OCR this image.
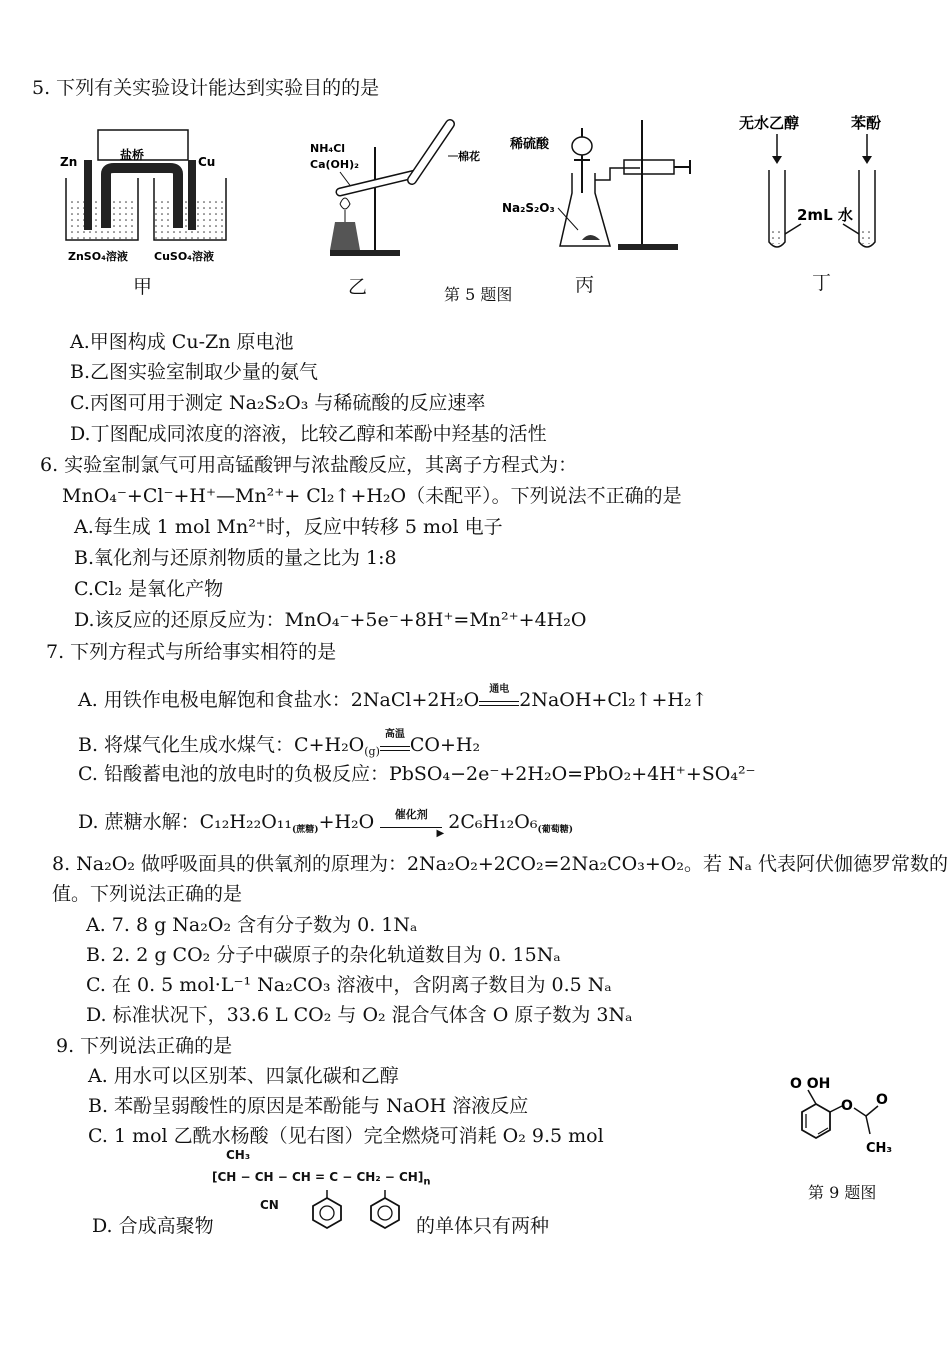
5. 下列有关实验设计能达到实验目的的是
盐桥
Zn	Cu
ZnSO₄溶液 CuSO₄溶液
甲
NH₄Cl
Ca(OH)₂
棉花
乙	第 5 题图
稀硫酸
Na₂S₂O₃
丙
无水乙醇	苯酚
2mL 水
丁
A.甲图构成 Cu-Zn 原电池
B.乙图实验室制取少量的氨气
C.丙图可用于测定 Na₂S₂O₃ 与稀硫酸的反应速率
D.丁图配成同浓度的溶液，比较乙醇和苯酚中羟基的活性
6. 实验室制氯气可用高锰酸钾与浓盐酸反应，其离子方程式为：
MnO₄⁻+Cl⁻+H⁺—Mn²⁺+ Cl₂↑+H₂O（未配平）。下列说法不正确的是
A.每生成 1 mol Mn²⁺时，反应中转移 5 mol 电子
B.氧化剂与还原剂物质的量之比为 1:8
C.Cl₂ 是氧化产物
D.该反应的还原反应为：MnO₄⁻+5e⁻+8H⁺=Mn²⁺+4H₂O
7. 下列方程式与所给事实相符的是
A. 用铁作电极电解饱和食盐水：2NaCl+2H₂O	通电 2NaOH+Cl₂↑+H₂↑
B. 将煤气化生成水煤气：$C+H_2O_{(g)}$
高温 CO+H₂
C. 铅酸蓄电池的放电时的负极反应：PbSO₄−2e⁻+2H₂O=PbO₂+4H⁺+SO₄²⁻
D. 蔗糖水解：$C_{12}H_{22}O_{11}_{(蔗糖)}+H_2O$	催化剂
▶
$2C_6H_{12}O_6_{(葡萄糖)}$
8. Na₂O₂ 做呼吸面具的供氧剂的原理为：2Na₂O₂+2CO₂=2Na₂CO₃+O₂。若 Nₐ 代表阿伏伽德罗常数的
值。下列说法正确的是
A. 7. 8 g Na₂O₂ 含有分子数为 0. 1Nₐ
B. 2. 2 g CO₂ 分子中碳原子的杂化轨道数目为 0. 15Nₐ
C. 在 0. 5 mol·L⁻¹ Na₂CO₃ 溶液中，含阴离子数目为 0.5 Nₐ
D. 标准状况下，33.6 L CO₂ 与 O₂ 混合气体含 O 原子数为 3Nₐ
9. 下列说法正确的是
A. 用水可以区别苯、四氯化碳和乙醇
B. 苯酚呈弱酸性的原因是苯酚能与 NaOH 溶液反应
C. 1 mol 乙酰水杨酸（见右图）完全燃烧可消耗 O₂ 9.5 mol
CH₃
[CH − CH − CH = $C - CH_2 - CH]_n$
CN
D. 合成高聚物	的单体只有两种
O OH
O O
CH₃
第 9 题图
